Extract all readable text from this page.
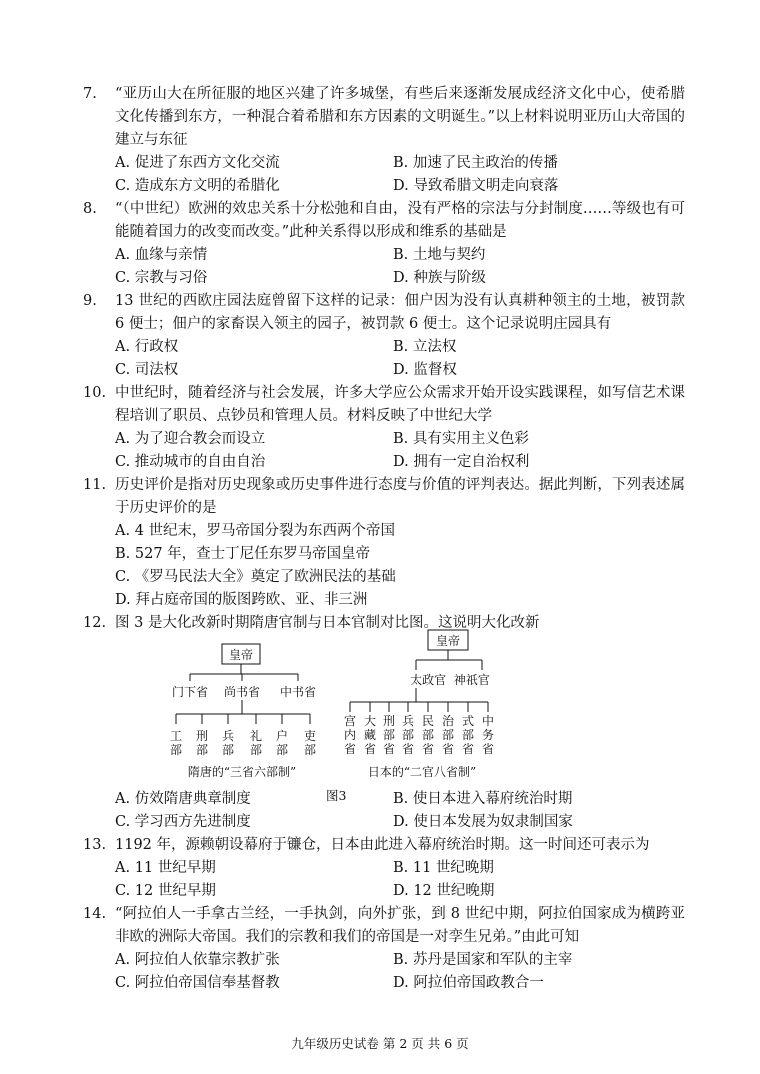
7. “亚历山大在所征服的地区兴建了许多城堡，有些后来逐渐发展成经济文化中心，使希腊文化传播到东方，一种混合着希腊和东方因素的文明诞生。”以上材料说明亚历山大帝国的建立与东征
A. 促进了东西方文化交流	B. 加速了民主政治的传播
C. 造成东方文明的希腊化	D. 导致希腊文明走向衰落
8. “（中世纪）欧洲的效忠关系十分松弛和自由，没有严格的宗法与分封制度……等级也有可能随着国力的改变而改变。”此种关系得以形成和维系的基础是
A. 血缘与亲情	B. 土地与契约
C. 宗教与习俗	D. 种族与阶级
9. 13 世纪的西欧庄园法庭曾留下这样的记录：佃户因为没有认真耕种领主的土地，被罚款 6 便士；佃户的家畜误入领主的园子，被罚款 6 便士。这个记录说明庄园具有
A. 行政权	B. 立法权
C. 司法权	D. 监督权
10. 中世纪时，随着经济与社会发展，许多大学应公众需求开始开设实践课程，如写信艺术课程培训了职员、点钞员和管理人员。材料反映了中世纪大学
A. 为了迎合教会而设立	B. 具有实用主义色彩
C. 推动城市的自由自治	D. 拥有一定自治权利
11. 历史评价是指对历史现象或历史事件进行态度与价值的评判表达。据此判断，下列表述属于历史评价的是
A. 4 世纪末，罗马帝国分裂为东西两个帝国
B. 527 年，查士丁尼任东罗马帝国皇帝
C. 《罗马民法大全》奠定了欧洲民法的基础
D. 拜占庭帝国的版图跨欧、亚、非三洲
12. 图 3 是大化改新时期隋唐官制与日本官制对比图。这说明大化改新
皇帝
门下省 尚书省 中书省
工部
刑部
兵部
礼部
户部
吏部
隋唐的“三省六部制”
皇帝
太政官  神祇官
宫内省
大藏省
刑部省
兵部省
民部省
治部省
式部省
中务省
日本的“二官八省制”
A. 仿效隋唐典章制度	图3	B. 使日本进入幕府统治时期
C. 学习西方先进制度	D. 使日本发展为奴隶制国家
13. 1192 年，源赖朝设幕府于镰仓，日本由此进入幕府统治时期。这一时间还可表示为
A. 11 世纪早期	B. 11 世纪晚期
C. 12 世纪早期	D. 12 世纪晚期
14. “阿拉伯人一手拿古兰经，一手执剑，向外扩张，到 8 世纪中期，阿拉伯国家成为横跨亚非欧的洲际大帝国。我们的宗教和我们的帝国是一对孪生兄弟。”由此可知
A. 阿拉伯人依靠宗教扩张	B. 苏丹是国家和军队的主宰
C. 阿拉伯帝国信奉基督教	D. 阿拉伯帝国政教合一
九年级历史试卷 第 2 页 共 6 页
